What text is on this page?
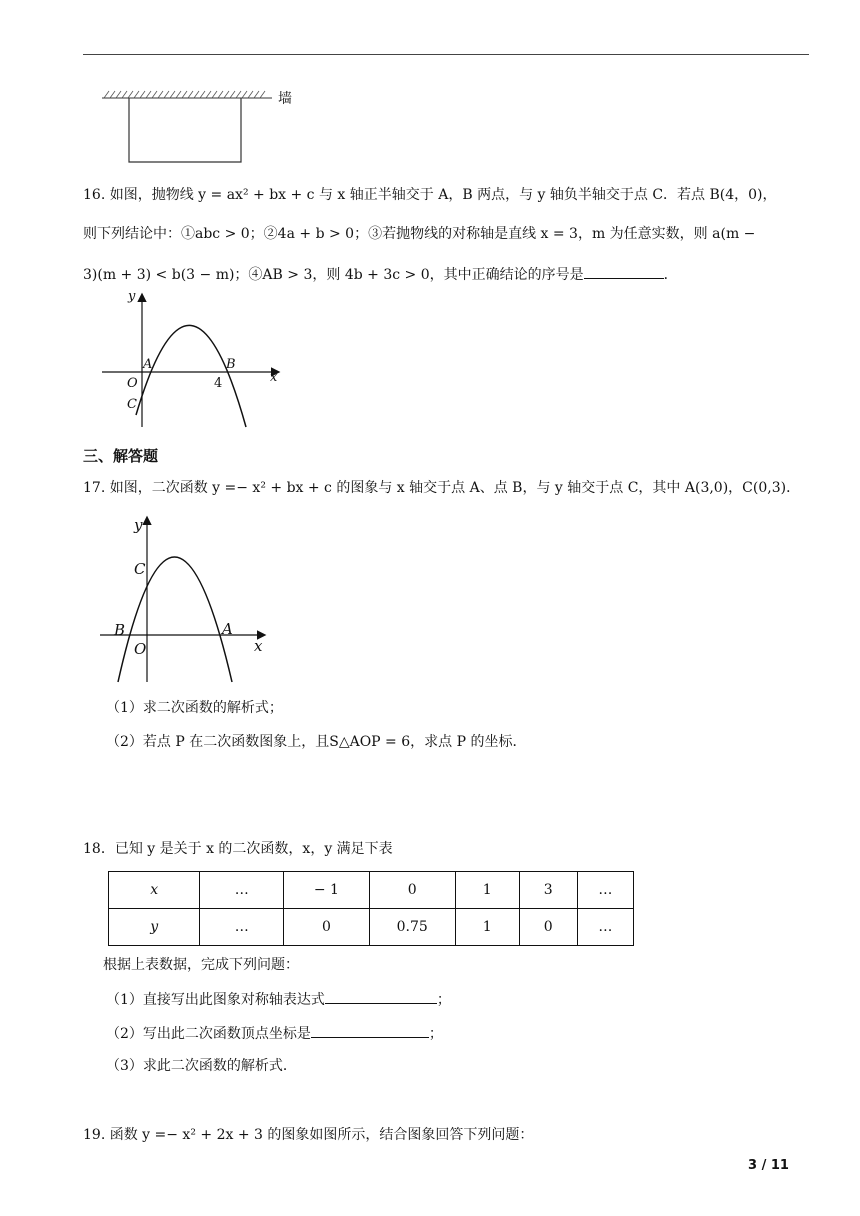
墙
16. 如图，抛物线 y = ax² + bx + c 与 x 轴正半轴交于 A，B 两点，与 y 轴负半轴交于点 C．若点 B(4，0)，
则下列结论中：①abc > 0；②4a + b > 0；③若抛物线的对称轴是直线 x = 3，m 为任意实数，则 a(m −
3)(m + 3) < b(3 − m)；④AB > 3，则 4b + 3c > 0，其中正确结论的序号是	．
y
x
A	B
O
C
4
三、解答题
17. 如图，二次函数 y =− x² + bx + c 的图象与 x 轴交于点 A、点 B，与 y 轴交于点 C，其中 A(3,0)，C(0,3)．
y
x
C
B	A
O
（1）求二次函数的解析式；
（2）若点 P 在二次函数图象上，且S△AOP = 6，求点 P 的坐标．
18．已知 y 是关于 x 的二次函数，x，y 满足下表
x	…	− 1	0	1	3	…
y	…	0	0.75	1	0	…
根据上表数据，完成下列问题：
（1）直接写出此图象对称轴表达式	；
（2）写出此二次函数顶点坐标是	；
（3）求此二次函数的解析式．
19. 函数 y =− x² + 2x + 3 的图象如图所示，结合图象回答下列问题：
3 / 11
